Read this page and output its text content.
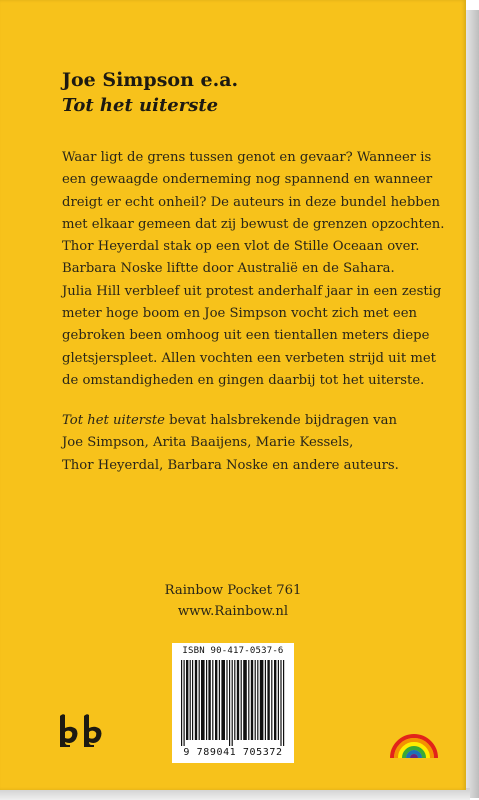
Joe Simpson e.a.
Tot het uiterste
Waar ligt de grens tussen genot en gevaar? Wanneer is
een gewaagde onderneming nog spannend en wanneer
dreigt er echt onheil? De auteurs in deze bundel hebben
met elkaar gemeen dat zij bewust de grenzen opzochten.
Thor Heyerdal stak op een vlot de Stille Oceaan over.
Barbara Noske liftte door Australië en de Sahara.
Julia Hill verbleef uit protest anderhalf jaar in een zestig
meter hoge boom en Joe Simpson vocht zich met een
gebroken been omhoog uit een tientallen meters diepe
gletsjerspleet. Allen vochten een verbeten strijd uit met
de omstandigheden en gingen daarbij tot het uiterste.
Tot het uiterste bevat halsbrekende bijdragen van
Joe Simpson, Arita Baaijens, Marie Kessels,
Thor Heyerdal, Barbara Noske en andere auteurs.
Rainbow Pocket 761
www.Rainbow.nl
ISBN 90-417-0537-6
9 789041 705372
